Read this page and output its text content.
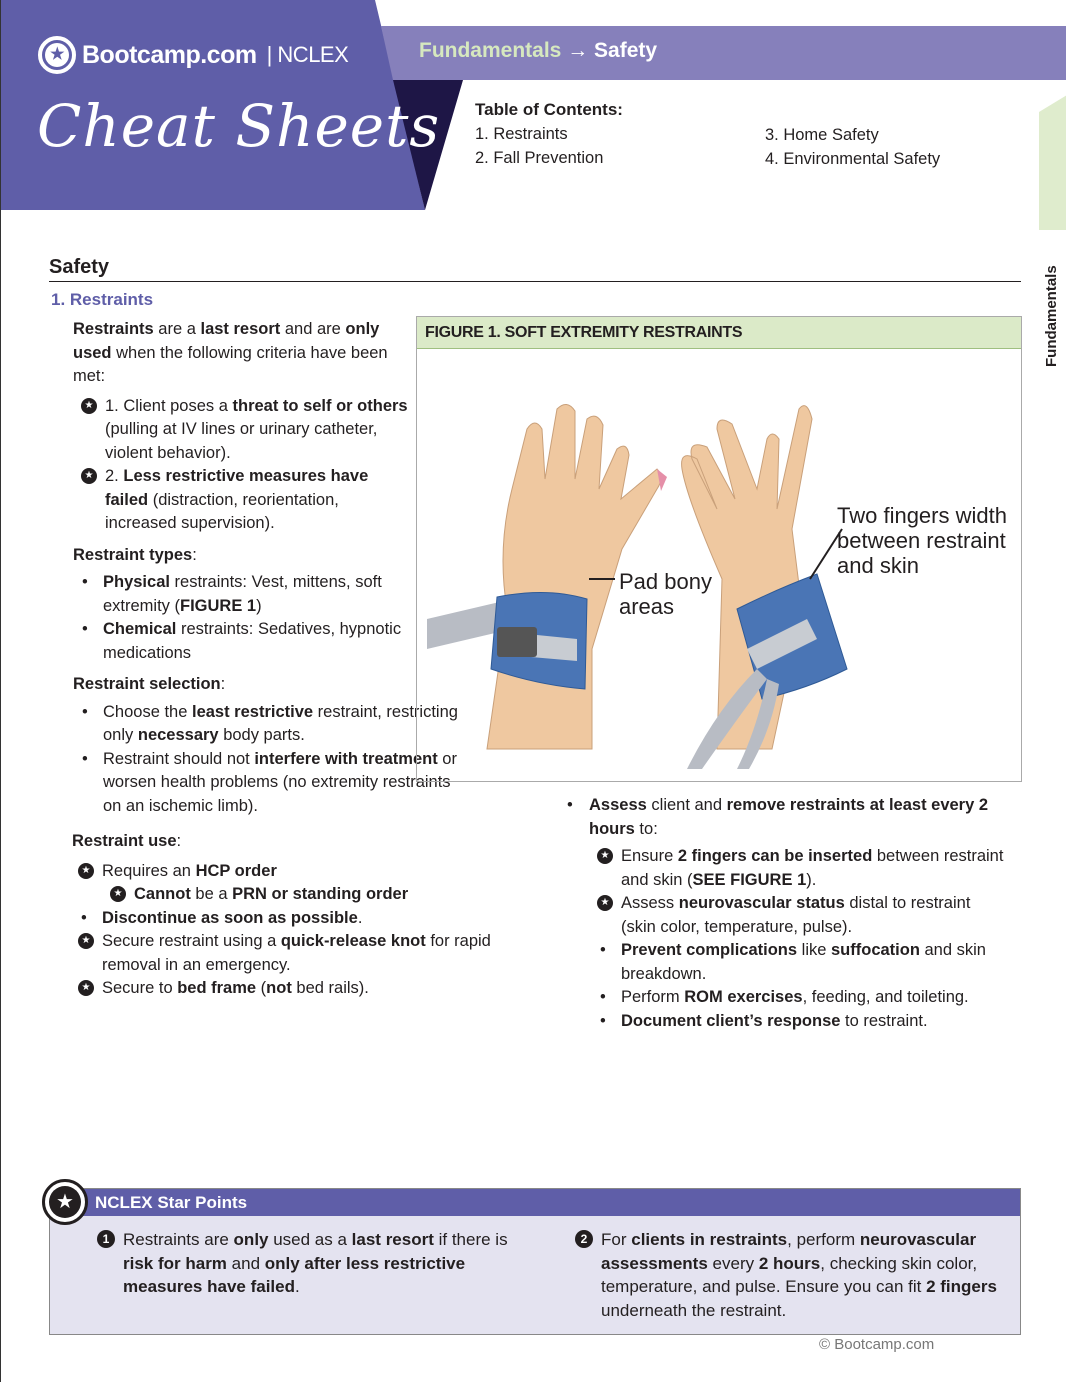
★ Bootcamp.com | NCLEX
Cheat Sheets
Fundamentals → Safety
Table of Contents:
1. Restraints
2. Fall Prevention
3. Home Safety
4. Environmental Safety
Fundamentals
Safety
1. Restraints

Restraints are a last resort and are only used when the following criteria have been met:

★ 1. Client poses a threat to self or others (pulling at IV lines or urinary catheter, violent behavior).
★ 2. Less restrictive measures have failed (distraction, reorientation, increased supervision).

Restraint types:

• Physical restraints: Vest, mittens, soft extremity (FIGURE 1)
• Chemical restraints: Sedatives, hypnotic medications

Restraint selection:

• Choose the least restrictive restraint, restricting only necessary body parts.
• Restraint should not interfere with treatment or worsen health problems (no extremity restraints on an ischemic limb).

Restraint use:

★ Requires an HCP order
★ Cannot be a PRN or standing order
• Discontinue as soon as possible.
★ Secure restraint using a quick-release knot for rapid removal in an emergency.
★ Secure to bed frame (not bed rails).
FIGURE 1. SOFT EXTREMITY RESTRAINTS
Pad bony areas
Two fingers width between restraint and skin
• Assess client and remove restraints at least every 2 hours to:
★ Ensure 2 fingers can be inserted between restraint and skin (SEE FIGURE 1).
★ Assess neurovascular status distal to restraint (skin color, temperature, pulse).
• Prevent complications like suffocation and skin breakdown.
• Perform ROM exercises, feeding, and toileting.
• Document client’s response to restraint.
NCLEX Star Points
★
1 Restraints are only used as a last resort if there is risk for harm and only after less restrictive measures have failed.
2 For clients in restraints, perform neurovascular assessments every 2 hours, checking skin color, temperature, and pulse. Ensure you can fit 2 fingers underneath the restraint.
© Bootcamp.com
